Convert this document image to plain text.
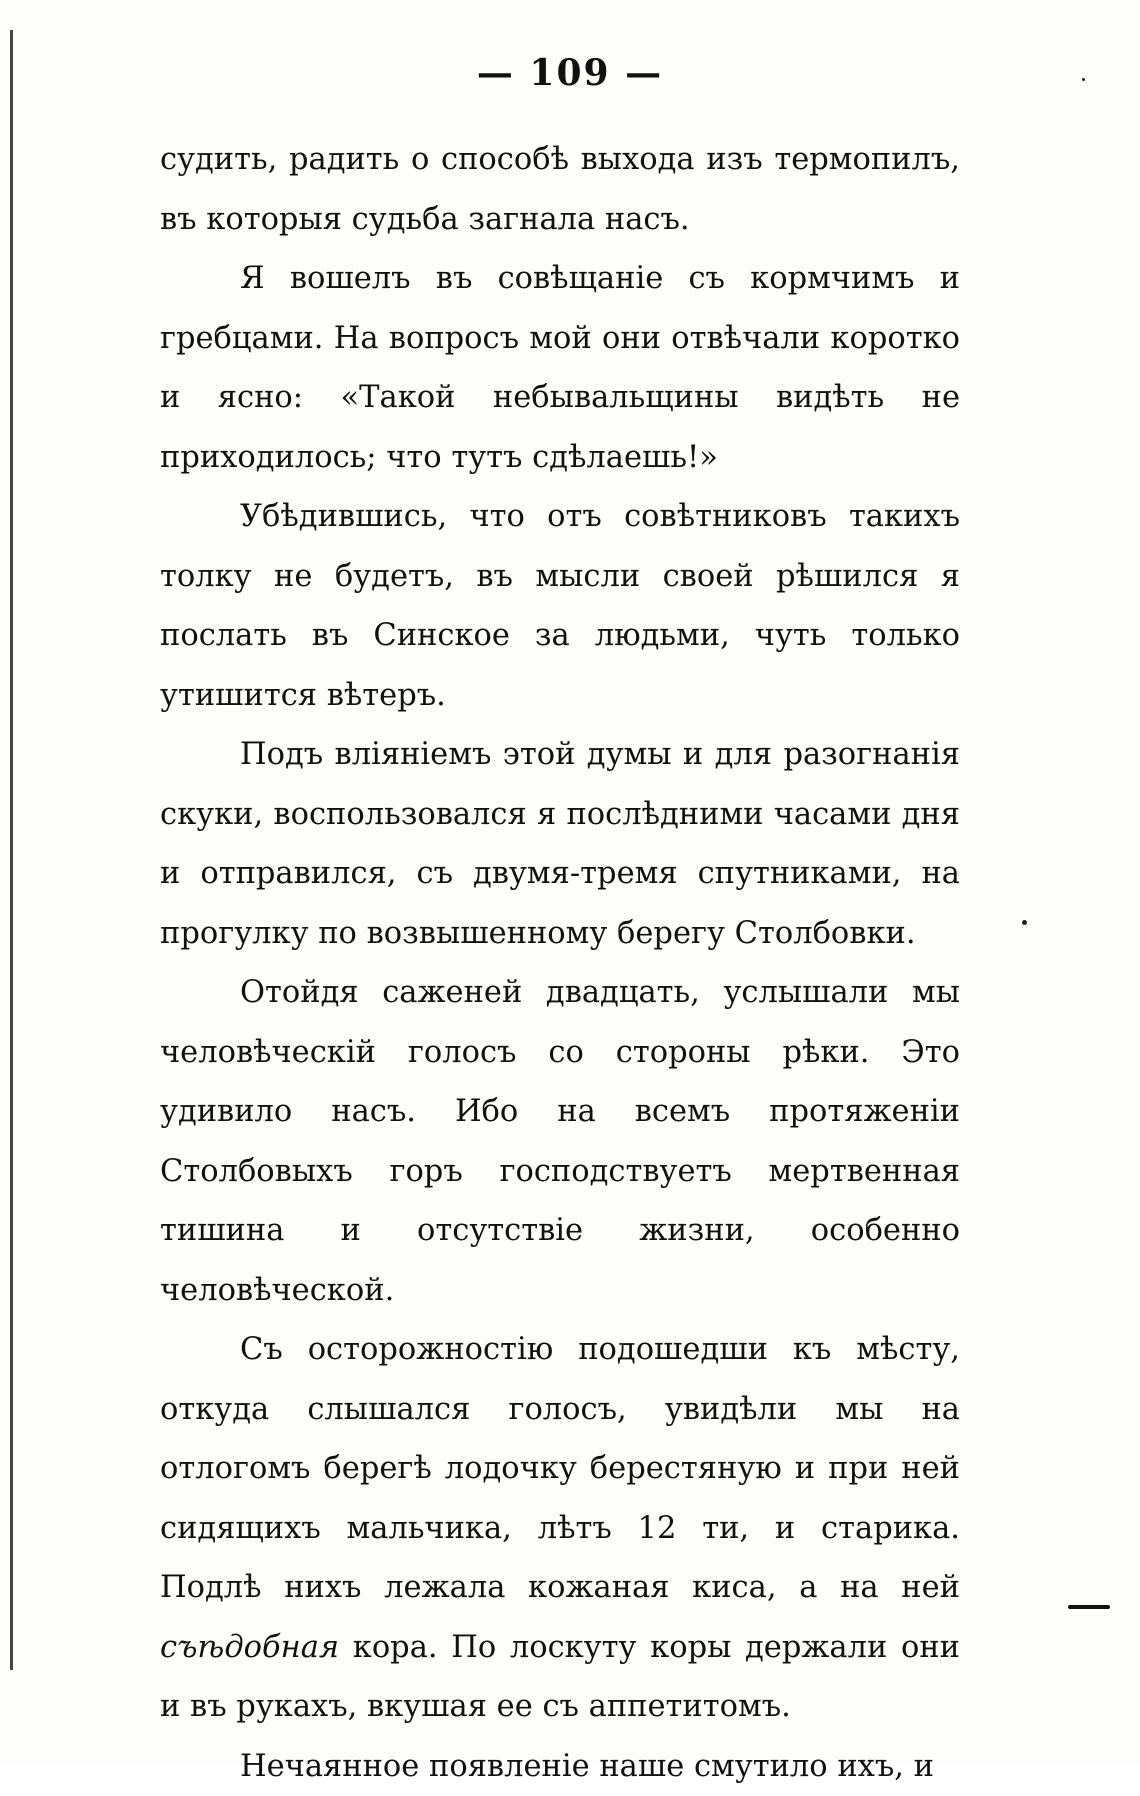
— 109 —

судить, радить о способѣ выхода изъ термопилъ, въ которыя судьба загнала насъ.

Я вошелъ въ совѣщаніе съ кормчимъ и гребцами. На вопросъ мой они отвѣчали коротко и ясно: «Такой небывальщины видѣть не приходилось; что тутъ сдѣлаешь!»

Убѣдившись, что отъ совѣтниковъ такихъ толку не будетъ, въ мысли своей рѣшился я послать въ Синское за людьми, чуть только утишится вѣтеръ.

Подъ вліяніемъ этой думы и для разогнанія скуки, воспользовался я послѣдними часами дня и отправился, съ двумя-тремя спутниками, на прогулку по возвышенному берегу Столбовки.

Отойдя саженей двадцать, услышали мы человѣческій голосъ со стороны рѣки. Это удивило насъ. Ибо на всемъ протяженіи Столбовыхъ горъ господствуетъ мертвенная тишина и отсутствіе жизни, особенно человѣческой.

Съ осторожностію подошедши къ мѣсту, откуда слышался голосъ, увидѣли мы на отлогомъ берегѣ лодочку берестяную и при ней сидящихъ мальчика, лѣтъ 12 ти, и старика. Подлѣ нихъ лежала кожаная киса, а на ней съѣдобная кора. По лоскуту коры держали они и въ рукахъ, вкушая ее съ аппетитомъ.

Нечаянное появленіе наше смутило ихъ, и
